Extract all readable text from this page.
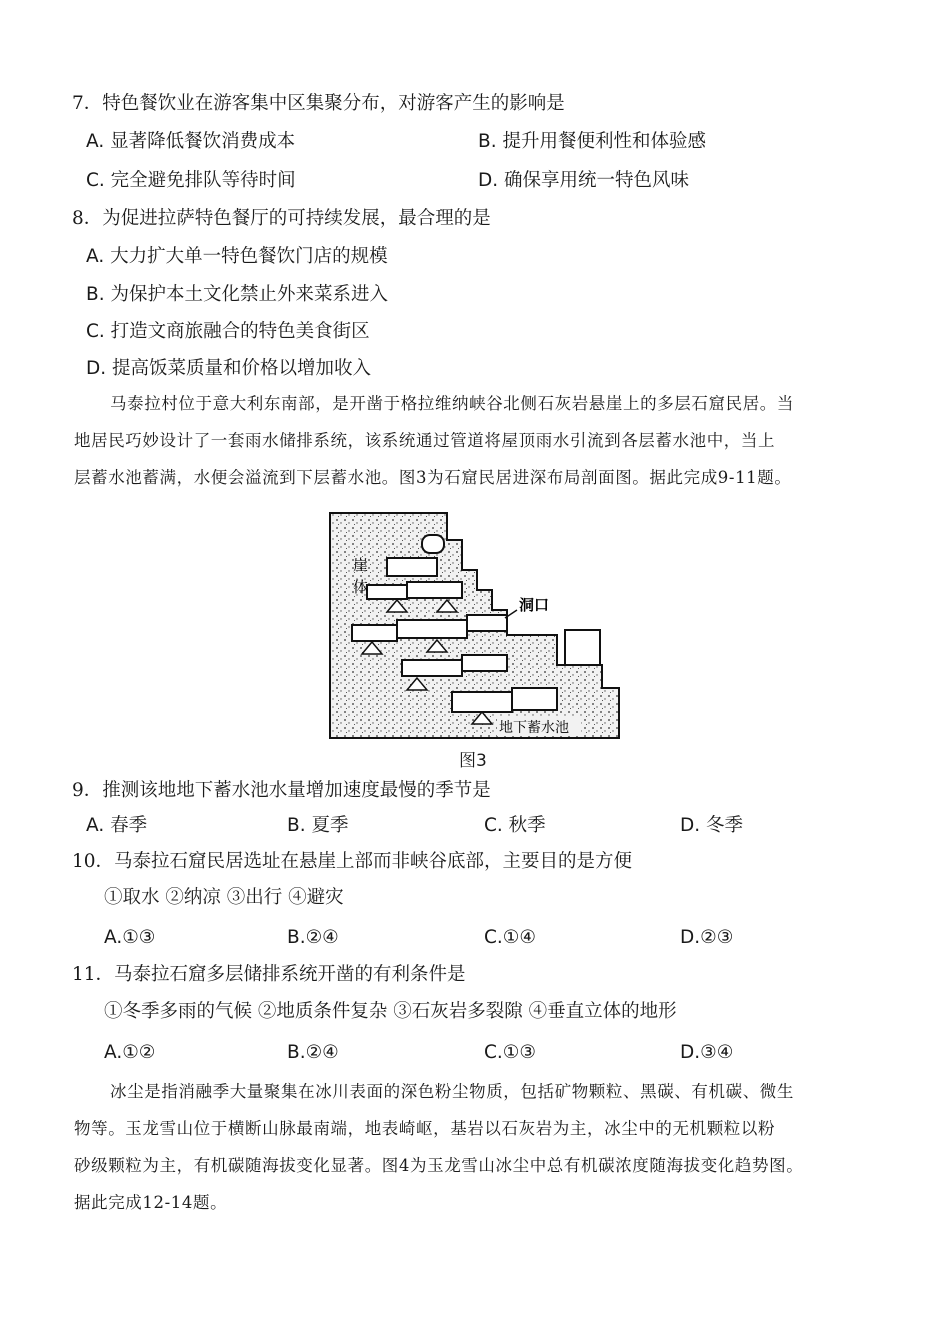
7．特色餐饮业在游客集中区集聚分布，对游客产生的影响是
A. 显著降低餐饮消费成本	B. 提升用餐便利性和体验感
C. 完全避免排队等待时间	D. 确保享用统一特色风味
8．为促进拉萨特色餐厅的可持续发展，最合理的是
A. 大力扩大单一特色餐饮门店的规模
B. 为保护本土文化禁止外来菜系进入
C. 打造文商旅融合的特色美食街区
D. 提高饭菜质量和价格以增加收入
马泰拉村位于意大利东南部，是开凿于格拉维纳峡谷北侧石灰岩悬崖上的多层石窟民居。当
地居民巧妙设计了一套雨水储排系统，该系统通过管道将屋顶雨水引流到各层蓄水池中，当上
层蓄水池蓄满，水便会溢流到下层蓄水池。图3为石窟民居进深布局剖面图。据此完成9-11题。
崖
体
洞口
地下蓄水池
图3
9．推测该地地下蓄水池水量增加速度最慢的季节是
A. 春季	B. 夏季	C. 秋季	D. 冬季
10．马泰拉石窟民居选址在悬崖上部而非峡谷底部，主要目的是方便
①取水 ②纳凉 ③出行 ④避灾
A.①③	B.②④	C.①④	D.②③
11．马泰拉石窟多层储排系统开凿的有利条件是
①冬季多雨的气候 ②地质条件复杂 ③石灰岩多裂隙 ④垂直立体的地形
A.①②	B.②④	C.①③	D.③④
冰尘是指消融季大量聚集在冰川表面的深色粉尘物质，包括矿物颗粒、黑碳、有机碳、微生
物等。玉龙雪山位于横断山脉最南端，地表崎岖，基岩以石灰岩为主，冰尘中的无机颗粒以粉
砂级颗粒为主，有机碳随海拔变化显著。图4为玉龙雪山冰尘中总有机碳浓度随海拔变化趋势图。
据此完成12-14题。
